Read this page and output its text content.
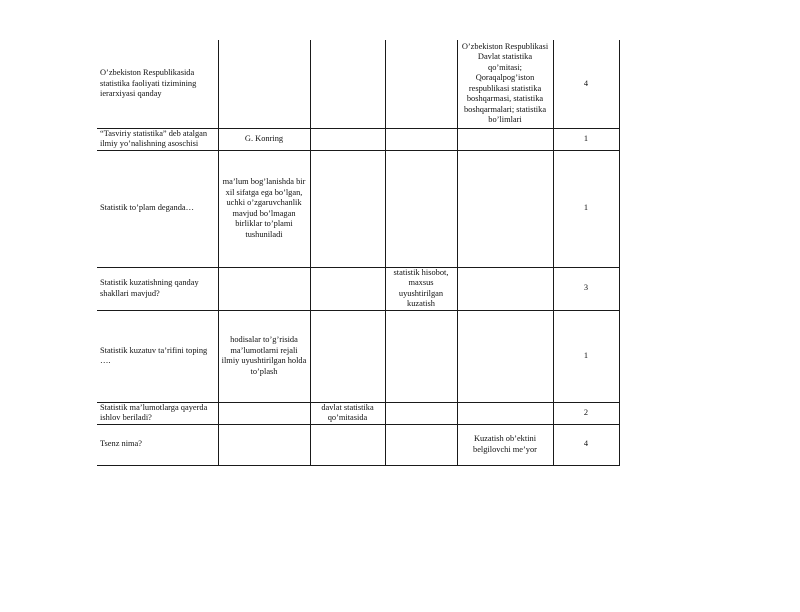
O’zbekiston Respublikasida statistika faoliyati tizimining ierarxiyasi qanday				O’zbekiston Respublikasi Davlat statistika qo’mitasi; Qoraqalpog’iston respublikasi statistika boshqarmasi, statistika boshqarmalari; statistika bo’limlari	4
“Tasviriy statistika” deb atalgan ilmiy yo’nalishning asoschisi	G. Konring				1
Statistik to’plam deganda…	ma’lum bog’lanishda bir xil sifatga ega bo’lgan, uchki o’zgaruvchanlik mavjud bo’lmagan birliklar to’plami tushuniladi				1
Statistik kuzatishning qanday shakllari mavjud?			statistik hisobot, maxsus uyushtirilgan kuzatish		3
Statistik kuzatuv ta’rifini toping ….	hodisalar to’g’risida ma’lumotlarni rejali ilmiy uyushtirilgan holda to’plash				1
Statistik ma’lumotlarga qayerda ishlov beriladi?		davlat statistika qo’mitasida			2
Tsenz nima?				Kuzatish ob’ektini belgilovchi me’yor	4
